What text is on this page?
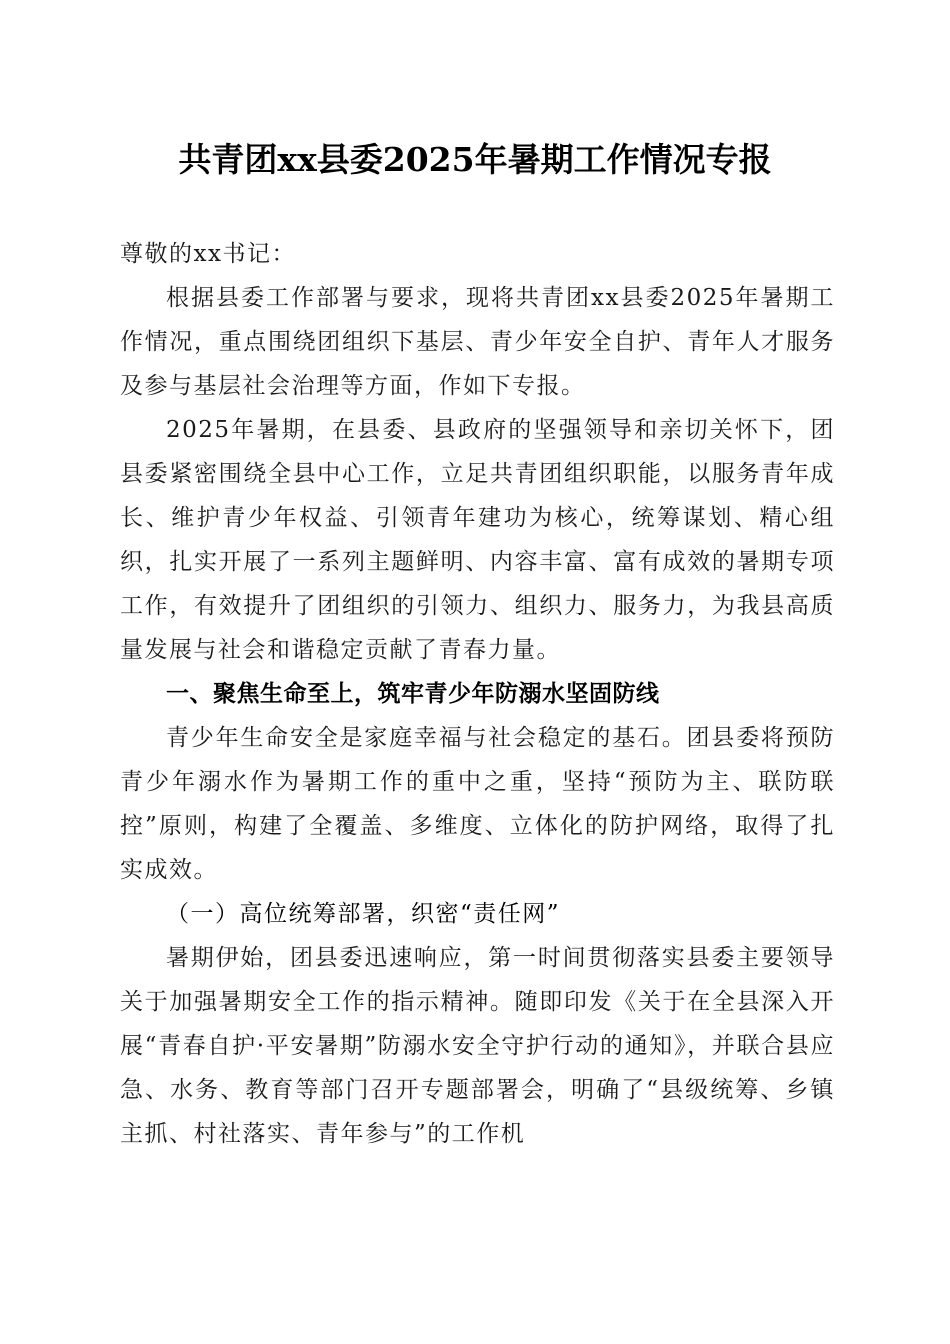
共青团xx县委2025年暑期工作情况专报

尊敬的xx书记：

根据县委工作部署与要求，现将共青团xx县委2025年暑期工作情况，重点围绕团组织下基层、青少年安全自护、青年人才服务及参与基层社会治理等方面，作如下专报。

2025年暑期，在县委、县政府的坚强领导和亲切关怀下，团县委紧密围绕全县中心工作，立足共青团组织职能，以服务青年成长、维护青少年权益、引领青年建功为核心，统筹谋划、精心组织，扎实开展了一系列主题鲜明、内容丰富、富有成效的暑期专项工作，有效提升了团组织的引领力、组织力、服务力，为我县高质量发展与社会和谐稳定贡献了青春力量。

一、聚焦生命至上，筑牢青少年防溺水坚固防线

青少年生命安全是家庭幸福与社会稳定的基石。团县委将预防青少年溺水作为暑期工作的重中之重，坚持“预防为主、联防联控”原则，构建了全覆盖、多维度、立体化的防护网络，取得了扎实成效。

（一）高位统筹部署，织密“责任网”

暑期伊始，团县委迅速响应，第一时间贯彻落实县委主要领导关于加强暑期安全工作的指示精神。随即印发《关于在全县深入开展“青春自护·平安暑期”防溺水安全守护行动的通知》，并联合县应急、水务、教育等部门召开专题部署会，明确了“县级统筹、乡镇主抓、村社落实、青年参与”的工作机
